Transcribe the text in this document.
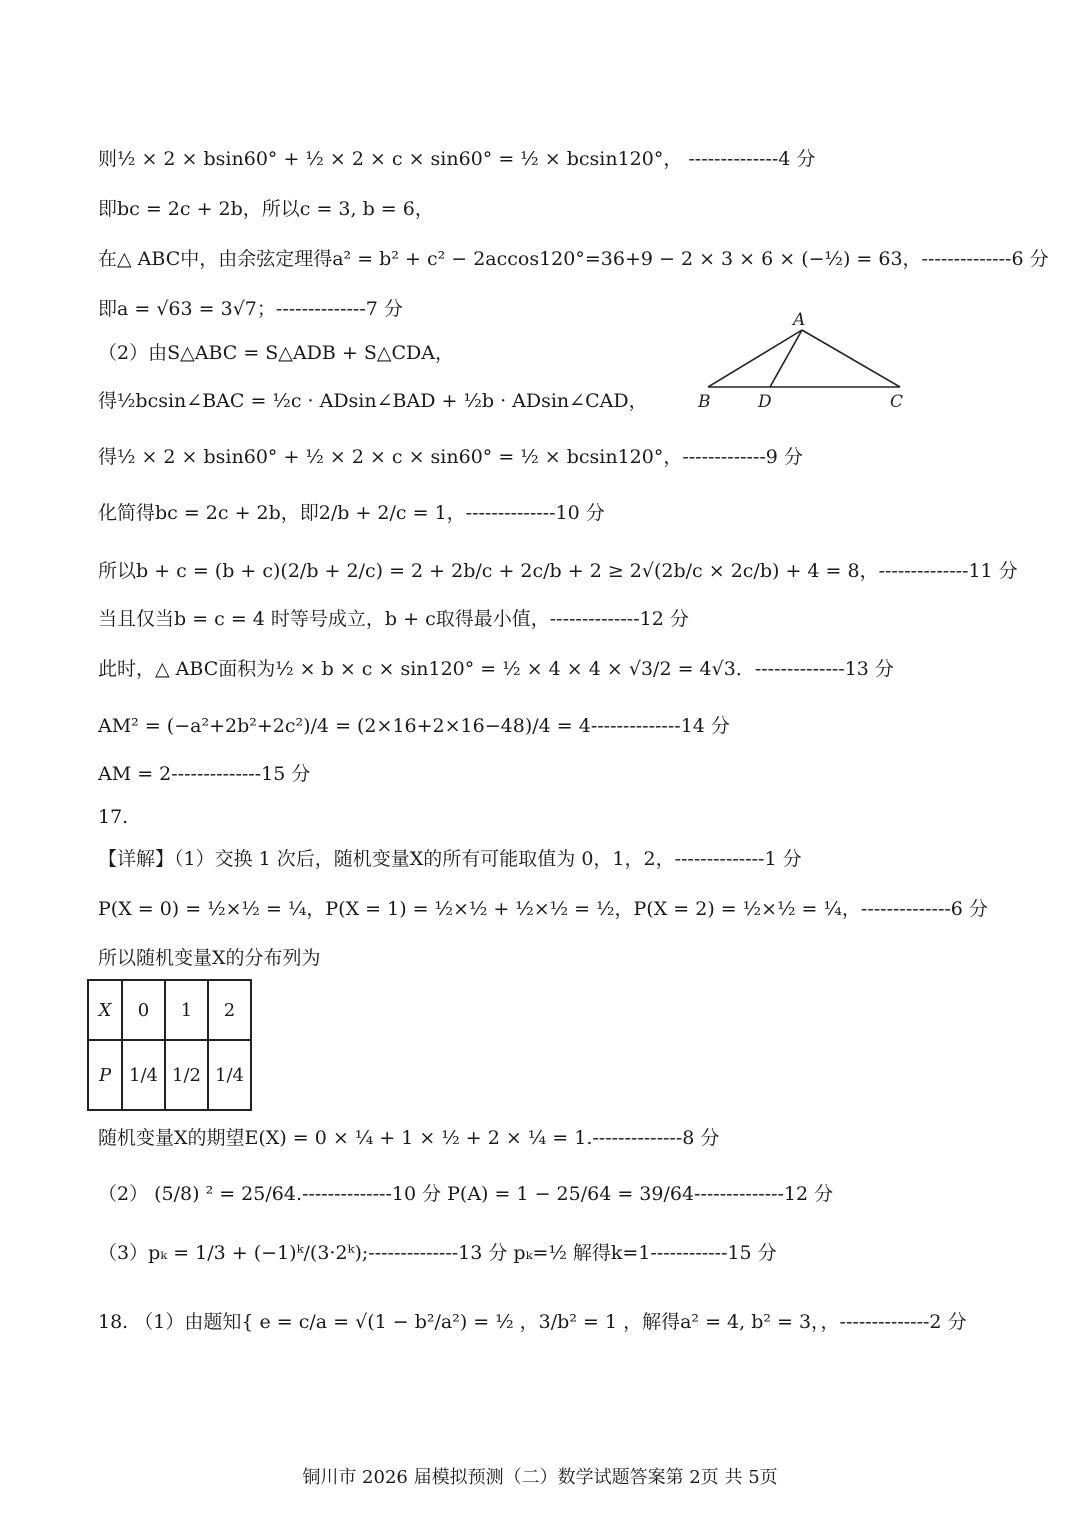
则½ × 2 × bsin60° + ½ × 2 × c × sin60° = ½ × bcsin120°， --------------4 分
即bc = 2c + 2b，所以c = 3, b = 6，
在△ ABC中，由余弦定理得a² = b² + c² − 2accos120°=36+9 − 2 × 3 × 6 × (−½) = 63，--------------6 分
即a = √63 = 3√7；--------------7 分
（2）由S△ABC = S△ADB + S△CDA，
得½bcsin∠BAC = ½c · ADsin∠BAD + ½b · ADsin∠CAD，
得½ × 2 × bsin60° + ½ × 2 × c × sin60° = ½ × bcsin120°，-------------9 分
化简得bc = 2c + 2b，即2/b + 2/c = 1，--------------10 分
所以b + c = (b + c)(2/b + 2/c) = 2 + 2b/c + 2c/b + 2 ≥ 2√(2b/c × 2c/b) + 4 = 8，--------------11 分
当且仅当b = c = 4 时等号成立，b + c取得最小值，--------------12 分
此时，△ ABC面积为½ × b × c × sin120° = ½ × 4 × 4 × √3/2 = 4√3．--------------13 分
AM² = (−a²+2b²+2c²)/4 = (2×16+2×16−48)/4 = 4--------------14 分
AM = 2--------------15 分
17.
【详解】（1）交换 1 次后，随机变量X的所有可能取值为 0，1，2，--------------1 分
P(X = 0) = ½×½ = ¼，P(X = 1) = ½×½ + ½×½ = ½，P(X = 2) = ½×½ = ¼，--------------6 分
所以随机变量X的分布列为
X	0	1	2
P	1/4	1/2	1/4
随机变量X的期望E(X) = 0 × ¼ + 1 × ½ + 2 × ¼ = 1.--------------8 分
（2） (5/8) ² = 25/64.--------------10 分 P(A) = 1 − 25/64 = 39/64--------------12 分
（3）pₖ = 1/3 + (−1)ᵏ/(3·2ᵏ);--------------13 分 pₖ=½ 解得k=1------------15 分
18. （1）由题知{ e = c/a = √(1 − b²/a²) = ½ ，3/b² = 1 ，解得a² = 4, b² = 3，，--------------2 分
A
B	D	C
铜川市 2026 届模拟预测（二）数学试题答案第 2页 共 5页
